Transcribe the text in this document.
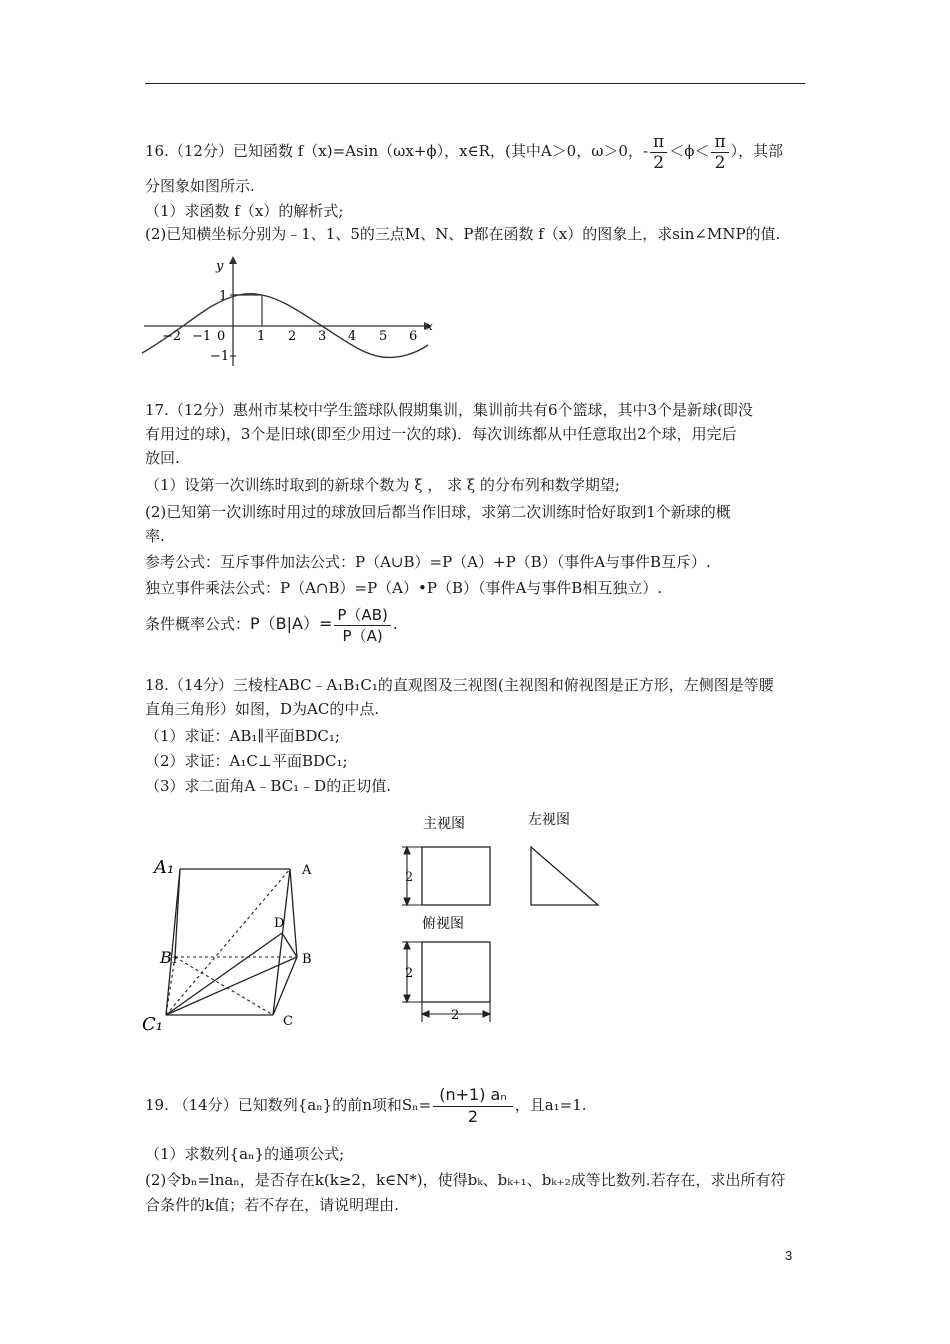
16.（12分）已知函数 f（x)=Asin（ωx+ϕ），x∈R，(其中A＞0，ω＞0，- $\frac{\pi}{2} <\phi< \frac{\pi}{2}$ ），其部
分图象如图所示.
（1）求函数 f（x）的解析式;
(2)已知横坐标分别为﹣1、1、5的三点M、N、P都在函数 f（x）的图象上，求sin∠MNP的值.
y
x
0
1
−1
−2 −1	1 2 3 4 5 6
17.（12分）惠州市某校中学生篮球队假期集训，集训前共有6个篮球，其中3个是新球(即没
有用过的球)，3个是旧球(即至少用过一次的球)．每次训练都从中任意取出2个球，用完后
放回.
（1）设第一次训练时取到的新球个数为 ξ ， 求 ξ 的分布列和数学期望;
(2)已知第一次训练时用过的球放回后都当作旧球，求第二次训练时恰好取到1个新球的概
率.
参考公式：互斥事件加法公式：P（A∪B）=P（A）+P（B）（事件A与事件B互斥）.
独立事件乘法公式：P（A∩B）=P（A）•P（B）（事件A与事件B相互独立）.
条件概率公式：$P(B|A)= \frac{P(AB)}{P(A)}$ .
18.（14分）三棱柱ABC﹣A₁B₁C₁的直观图及三视图(主视图和俯视图是正方形，左侧图是等腰
直角三角形）如图，D为AC的中点.
（1）求证：AB₁∥平面BDC₁;
（2）求证：A₁C⊥平面BDC₁;
（3）求二面角A﹣BC₁﹣D的正切值.
A₁	A
D
B₁	B
C₁	C
主视图	左视图
俯视图
2
2
2
19. （14分）已知数列{aₙ}的前n项和$S_n= \frac{\text{(n+1) aₙ}}{2}$ ，且a₁=1.
（1）求数列{aₙ}的通项公式;
(2)令bₙ=lnaₙ，是否存在k(k≥2，k∈N*)，使得bₖ、bₖ₊₁、bₖ₊₂成等比数列.若存在，求出所有符
合条件的k值；若不存在，请说明理由.
3
